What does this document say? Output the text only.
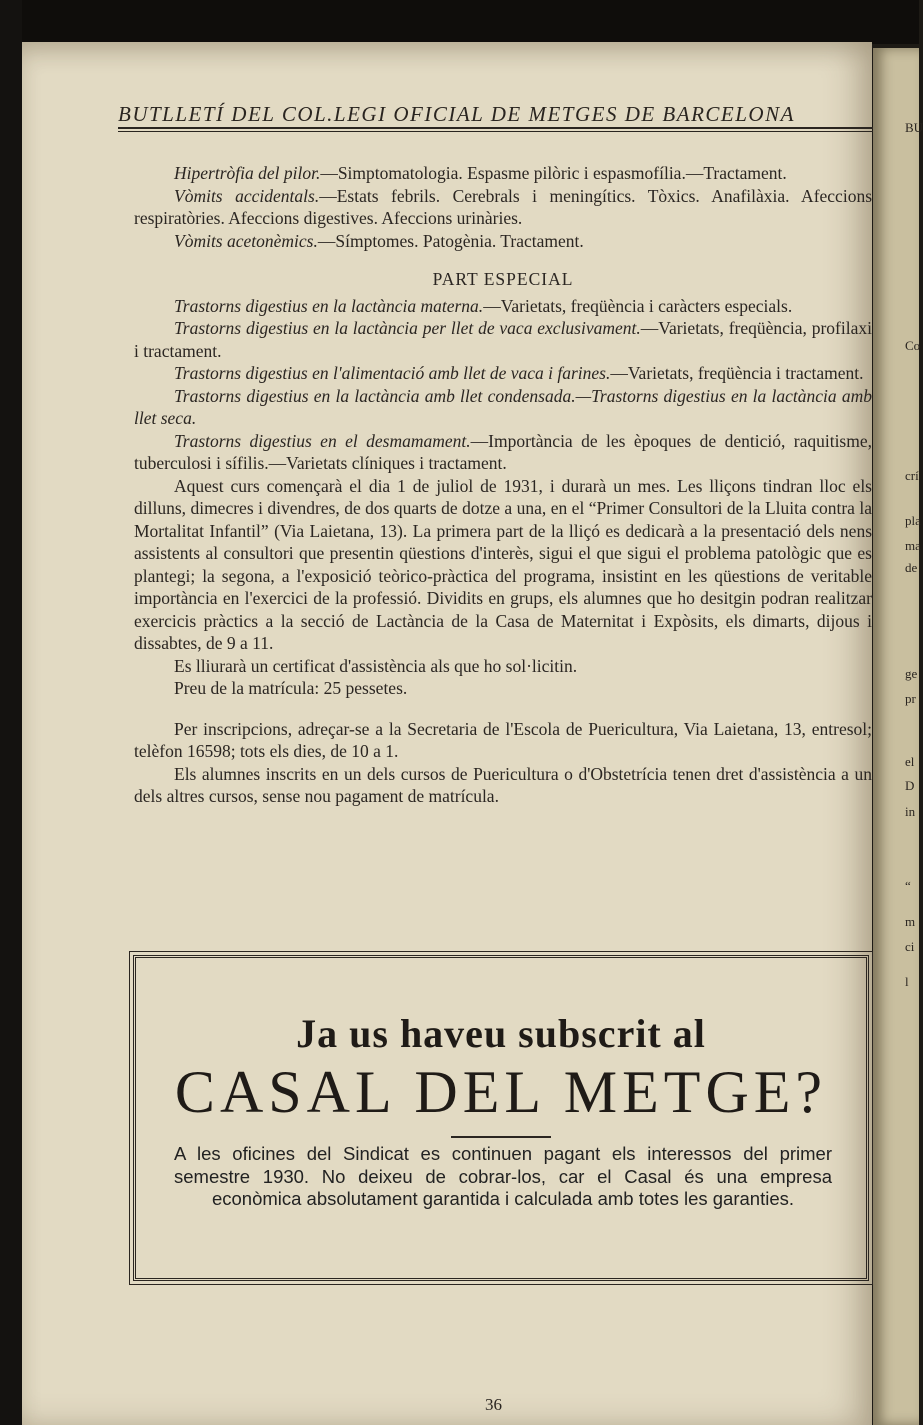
BU
Co
crí
pla
ma
de
ge
pr
el
D
in
“
m
ci
l
BUTLLETÍ DEL COL.LEGI OFICIAL DE METGES DE BARCELONA

Hipertròfia del pilor.—Simptomatologia. Espasme pilòric i espasmofília.—Tractament.

Vòmits accidentals.—Estats febrils. Cerebrals i meningítics. Tòxics. Anafilàxia. Afeccions respiratòries. Afeccions digestives. Afeccions urinàries.

Vòmits acetonèmics.—Símptomes. Patogènia. Tractament.

PART ESPECIAL

Trastorns digestius en la lactància materna.—Varietats, freqüència i caràcters especials.

Trastorns digestius en la lactància per llet de vaca exclusivament.—Varietats, freqüència, profilaxi i tractament.

Trastorns digestius en l'alimentació amb llet de vaca i farines.—Varietats, freqüència i tractament.

Trastorns digestius en la lactància amb llet condensada.—Trastorns digestius en la lactància amb llet seca.

Trastorns digestius en el desmamament.—Importància de les èpoques de dentició, raquitisme, tuberculosi i sífilis.—Varietats clíniques i tractament.

Aquest curs començarà el dia 1 de juliol de 1931, i durarà un mes. Les lliçons tindran lloc els dilluns, dimecres i divendres, de dos quarts de dotze a una, en el “Primer Consultori de la Lluita contra la Mortalitat Infantil” (Via Laietana, 13). La primera part de la lliçó es dedicarà a la presentació dels nens assistents al consultori que presentin qüestions d'interès, sigui el que sigui el problema patològic que es plantegi; la segona, a l'exposició teòrico-pràctica del programa, insistint en les qüestions de veritable importància en l'exercici de la professió. Dividits en grups, els alumnes que ho desitgin podran realitzar exercicis pràctics a la secció de Lactància de la Casa de Maternitat i Expòsits, els dimarts, dijous i dissabtes, de 9 a 11.

Es lliurarà un certificat d'assistència als que ho sol·licitin.

Preu de la matrícula: 25 pessetes.

Per inscripcions, adreçar-se a la Secretaria de l'Escola de Puericultura, Via Laietana, 13, entresol; telèfon 16598; tots els dies, de 10 a 1.

Els alumnes inscrits en un dels cursos de Puericultura o d'Obstetrícia tenen dret d'assistència a un dels altres cursos, sense nou pagament de matrícula.

Ja us haveu subscrit al
CASAL DEL METGE?
A les oficines del Sindicat es continuen pagant els interessos del primer semestre 1930. No deixeu de cobrar-los, car el Casal és una empresa econòmica absolutament garantida i calculada amb totes les garanties.
36
